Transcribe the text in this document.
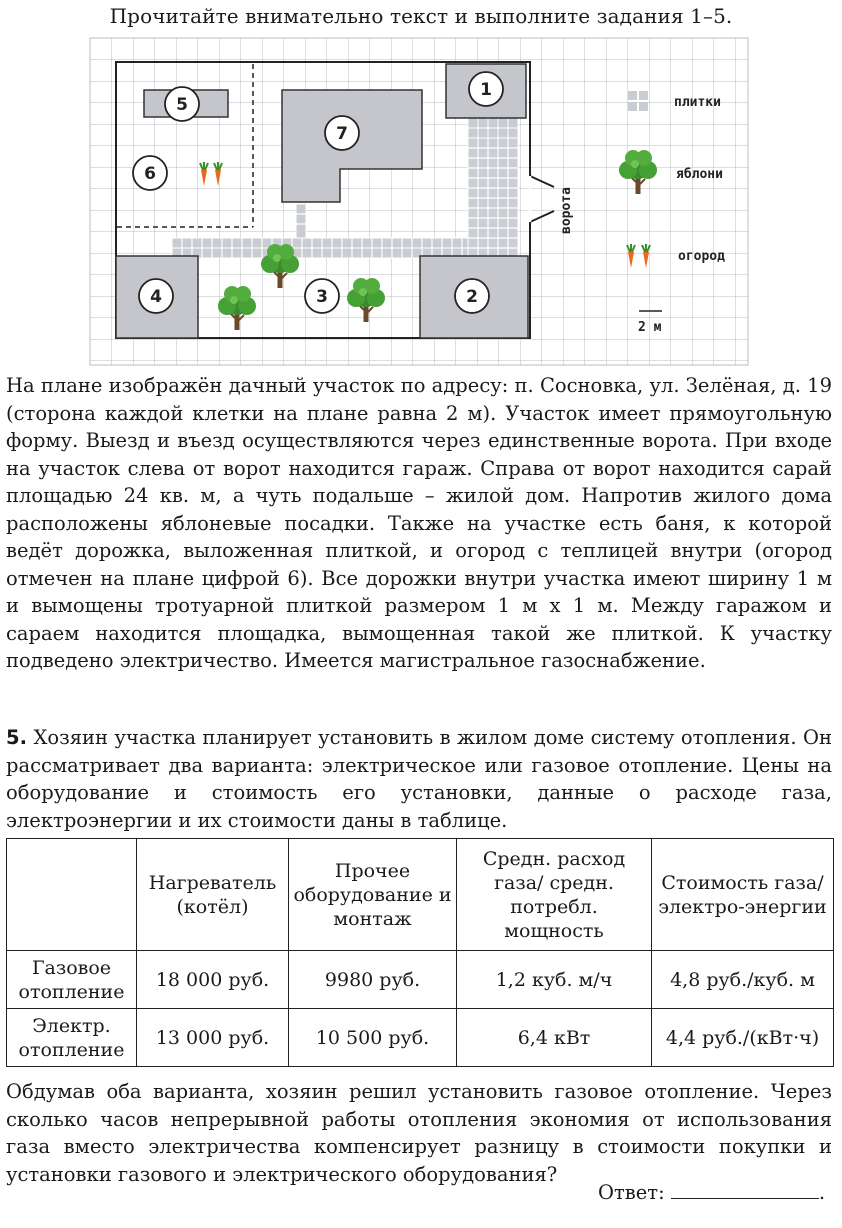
Прочитайте внимательно текст и выполните задания 1–5.
ворота
1
2
3
4
5
6
7
плитки
яблони
огород
2 м
На плане изображён дачный участок по адресу: п. Сосновка, ул. Зелёная, д. 19 (сторона каждой клетки на плане равна 2 м). Участок имеет прямоугольную форму. Выезд и въезд осуществляются через единственные ворота. При входе на участок слева от ворот находится гараж. Справа от ворот находится сарай площадью 24 кв. м, а чуть подальше – жилой дом. Напротив жилого дома расположены яблоневые посадки. Также на участке есть баня, к которой ведёт дорожка, выложенная плиткой, и огород с теплицей внутри (огород отмечен на плане цифрой 6). Все дорожки внутри участка имеют ширину 1 м и вымощены тротуарной плиткой размером 1 м х 1 м. Между гаражом и сараем находится площадка, вымощенная такой же плиткой. К участку подведено электричество. Имеется магистральное газоснабжение.
5. Хозяин участка планирует установить в жилом доме систему отопления. Он рассматривает два варианта: электрическое или газовое отопление. Цены на оборудование и стоимость его установки, данные о расходе газа, электроэнергии и их стоимости даны в таблице.
	Нагреватель (котёл)	Прочее оборудование и монтаж	Средн. расход газа/ средн. потребл. мощность	Стоимость газа/электро-энергии
Газовое отопление	18 000 руб.	9980 руб.	1,2 куб. м/ч	4,8 руб./куб. м
Электр. отопление	13 000 руб.	10 500 руб.	6,4 кВт	4,4 руб./(кВт·ч)
Обдумав оба варианта, хозяин решил установить газовое отопление. Через сколько часов непрерывной работы отопления экономия от использования газа вместо электричества компенсирует разницу в стоимости покупки и установки газового и электрического оборудования?
Ответ:	.
